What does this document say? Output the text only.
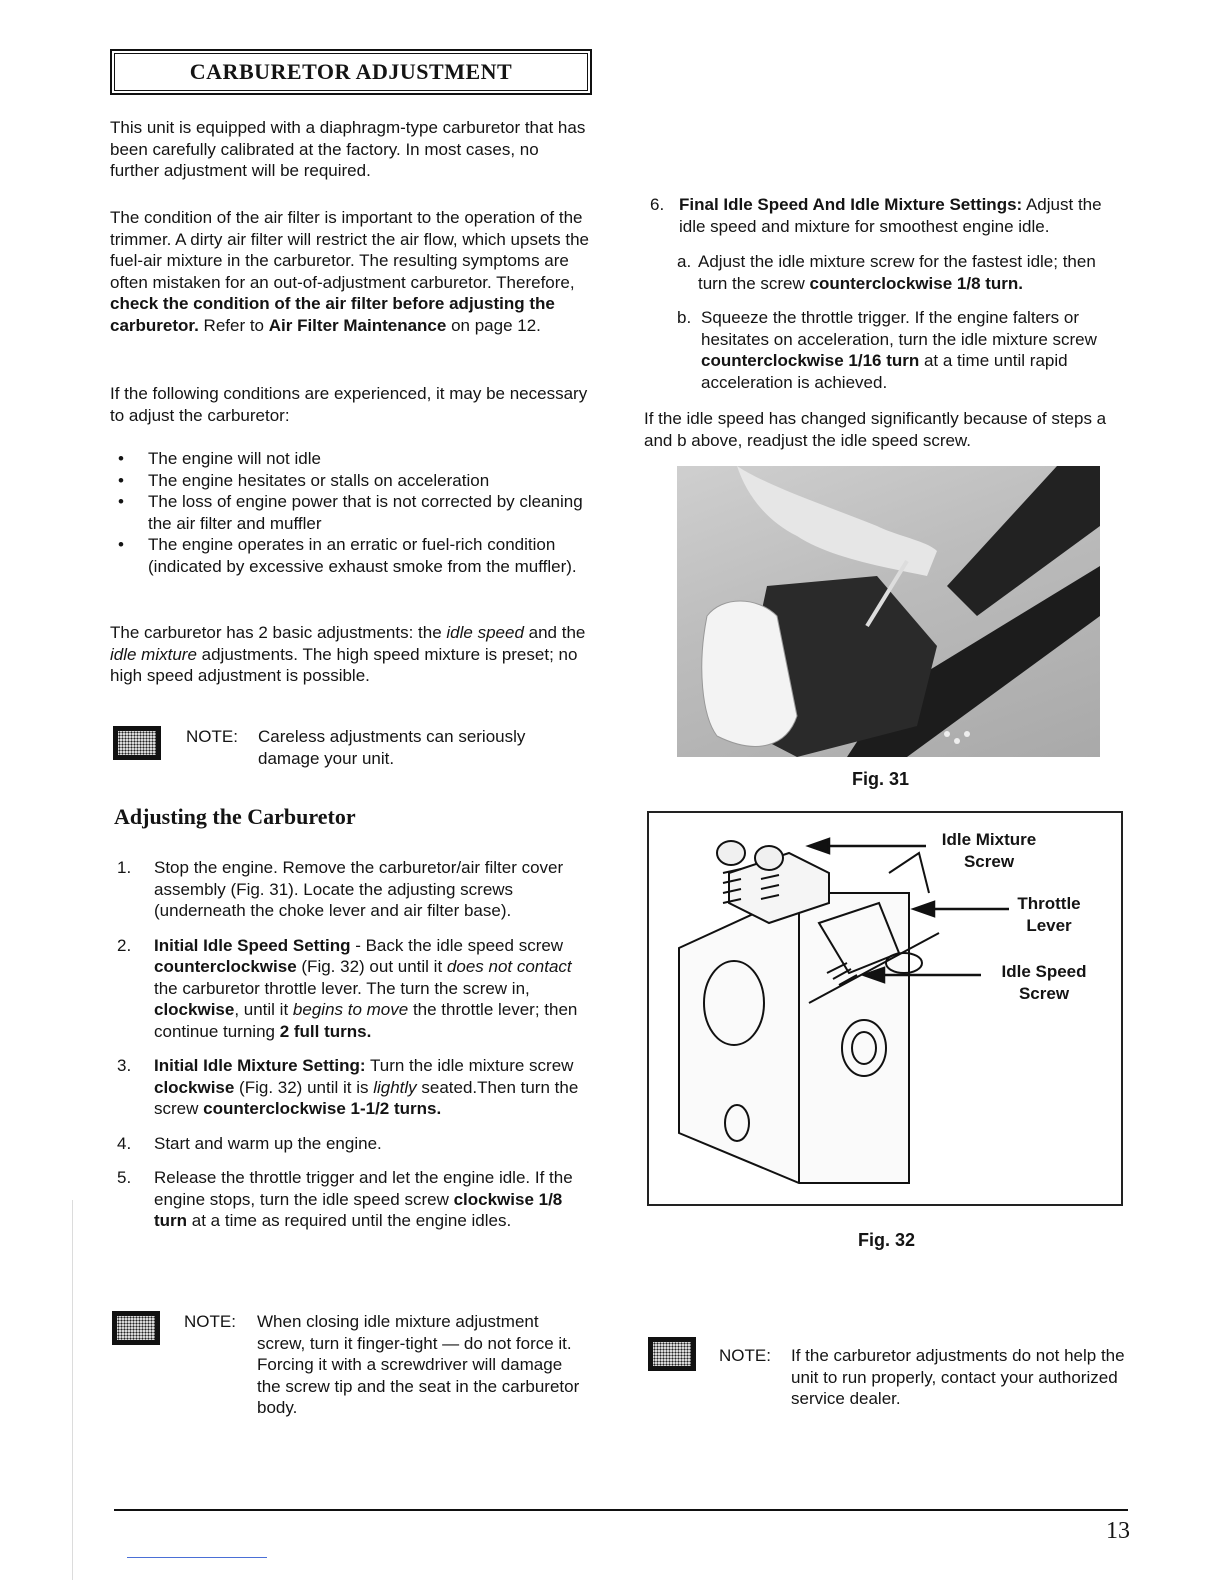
CARBURETOR ADJUSTMENT

This unit is equipped with a diaphragm-type carburetor that has been carefully calibrated at the factory. In most cases, no further adjustment will be required.

The condition of the air filter is important to the operation of the trimmer. A dirty air filter will restrict the air flow, which upsets the fuel-air mixture in the carburetor. The resulting symptoms are often mistaken for an out-of-adjustment carburetor. Therefore, check the condition of the air filter before adjusting the carburetor. Refer to Air Filter Maintenance on page 12.

If the following conditions are experienced, it may be necessary to adjust the carburetor:

• The engine will not idle
• The engine hesitates or stalls on acceleration
• The loss of engine power that is not corrected by cleaning the air filter and muffler
• The engine operates in an erratic or fuel-rich condition (indicated by excessive exhaust smoke from the muffler).

The carburetor has 2 basic adjustments: the idle speed and the idle mixture adjustments. The high speed mixture is preset; no high speed adjustment is possible.

NOTE:	Careless adjustments can seriously damage your unit.
Adjusting the Carburetor
1. Stop the engine. Remove the carburetor/air filter cover assembly (Fig. 31). Locate the adjusting screws (underneath the choke lever and air filter base).
2. Initial Idle Speed Setting - Back the idle speed screw counterclockwise (Fig. 32) out until it does not contact the carburetor throttle lever. The turn the screw in, clockwise, until it begins to move the throttle lever; then continue turning 2 full turns.
3. Initial Idle Mixture Setting: Turn the idle mixture screw clockwise (Fig. 32) until it is lightly seated.Then turn the screw counterclockwise 1-1/2 turns.
4. Start and warm up the engine.
5. Release the throttle trigger and let the engine idle. If the engine stops, turn the idle speed screw clockwise 1/8 turn at a time as required until the engine idles.
NOTE:	When closing idle mixture adjustment screw, turn it finger-tight — do not force it. Forcing it with a screwdriver will damage the screw tip and the seat in the carburetor body.
6. Final Idle Speed And Idle Mixture Settings: Adjust the idle speed and mixture for smoothest engine idle.
a. Adjust the idle mixture screw for the fastest idle; then turn the screw counterclockwise 1/8 turn.
b. Squeeze the throttle trigger. If the engine falters or hesitates on acceleration, turn the idle mixture screw counterclockwise 1/16 turn at a time until rapid acceleration is achieved.

If the idle speed has changed significantly because of steps a and b above, readjust the idle speed screw.

Fig. 31
Idle Mixture
Screw
Throttle
Lever
Idle Speed
Screw
Fig. 32
NOTE:	If the carburetor adjustments do not help the unit to run properly, contact your authorized service dealer.
13
